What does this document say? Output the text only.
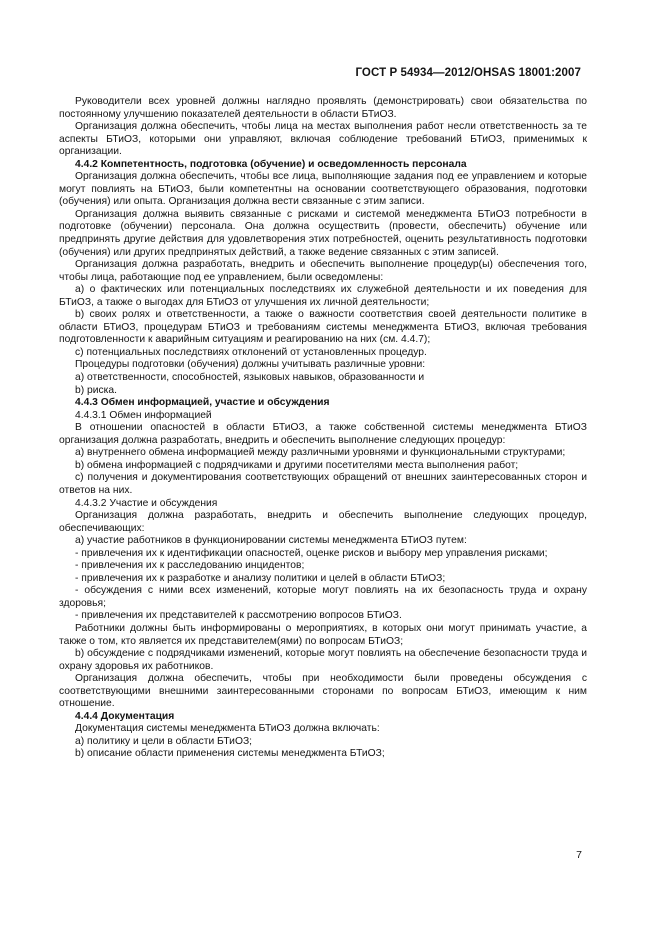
ГОСТ Р 54934—2012/OHSAS 18001:2007

Руководители всех уровней должны наглядно проявлять (демонстрировать) свои обязательства по постоянному улучшению показателей деятельности в области БТиОЗ.

Организация должна обеспечить, чтобы лица на местах выполнения работ несли ответственность за те аспекты БТиОЗ, которыми они управляют, включая соблюдение требований БТиОЗ, применимых к организации.

4.4.2 Компетентность, подготовка (обучение) и осведомленность персонала

Организация должна обеспечить, чтобы все лица, выполняющие задания под ее управлением и которые могут повлиять на БТиОЗ, были компетентны на основании соответствующего образования, подготовки (обучения) или опыта. Организация должна вести связанные с этим записи.

Организация должна выявить связанные с рисками и системой менеджмента БТиОЗ потребности в подготовке (обучении) персонала. Она должна осуществить (провести, обеспечить) обучение или предпринять другие действия для удовлетворения этих потребностей, оценить результативность подготовки (обучения) или других предпринятых действий, а также ведение связанных с этим записей.

Организация должна разработать, внедрить и обеспечить выполнение процедур(ы) обеспечения того, чтобы лица, работающие под ее управлением, были осведомлены:

а) о фактических или потенциальных последствиях их служебной деятельности и их поведения для БТиОЗ, а также о выгодах для БТиОЗ от улучшения их личной деятельности;

b) своих ролях и ответственности, а также о важности соответствия своей деятельности политике в области БТиОЗ, процедурам БТиОЗ и требованиям системы менеджмента БТиОЗ, включая требования подготовленности к аварийным ситуациям и реагированию на них (см. 4.4.7);

c) потенциальных последствиях отклонений от установленных процедур.

Процедуры подготовки (обучения) должны учитывать различные уровни:

a) ответственности, способностей, языковых навыков, образованности и

b) риска.

4.4.3 Обмен информацией, участие и обсуждения

4.4.3.1 Обмен информацией

В отношении опасностей в области БТиОЗ, а также собственной системы менеджмента БТиОЗ организация должна разработать, внедрить и обеспечить выполнение следующих процедур:

а) внутреннего обмена информацией между различными уровнями и функциональными структурами;

b) обмена информацией с подрядчиками и другими посетителями места выполнения работ;

c) получения и документирования соответствующих обращений от внешних заинтересованных сторон и ответов на них.

4.4.3.2 Участие и обсуждения

Организация должна разработать, внедрить и обеспечить выполнение следующих процедур, обеспечивающих:

а) участие работников в функционировании системы менеджмента БТиОЗ путем:

- привлечения их к идентификации опасностей, оценке рисков и выбору мер управления рисками;

- привлечения их к расследованию инцидентов;

- привлечения их к разработке и анализу политики и целей в области БТиОЗ;

- обсуждения с ними всех изменений, которые могут повлиять на их безопасность труда и охрану здоровья;

- привлечения их представителей к рассмотрению вопросов БТиОЗ.

Работники должны быть информированы о мероприятиях, в которых они могут принимать участие, а также о том, кто является их представителем(ями) по вопросам БТиОЗ;

b) обсуждение с подрядчиками изменений, которые могут повлиять на обеспечение безопасности труда и охрану здоровья их работников.

Организация должна обеспечить, чтобы при необходимости были проведены обсуждения с соответствующими внешними заинтересованными сторонами по вопросам БТиОЗ, имеющим к ним отношение.

4.4.4 Документация

Документация системы менеджмента БТиОЗ должна включать:

а) политику и цели в области БТиОЗ;

b) описание области применения системы менеджмента БТиОЗ;

7
